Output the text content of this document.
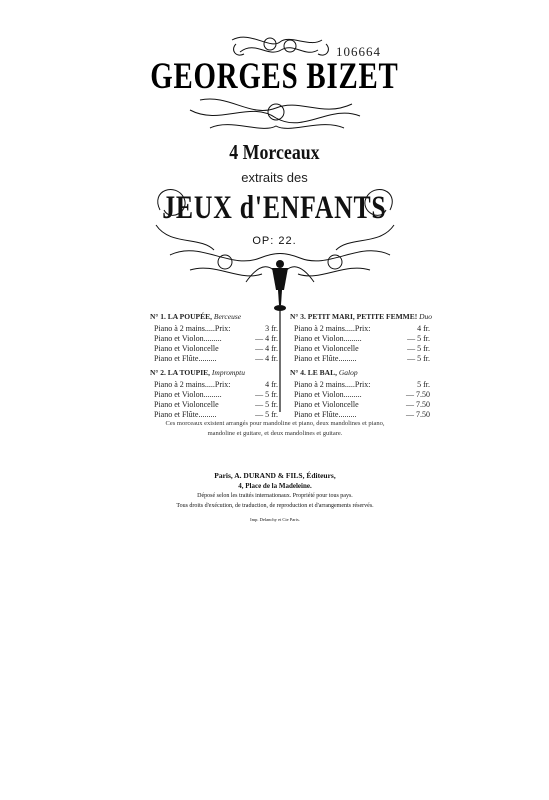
106664
GEORGES BIZET
4 Morceaux
extraits des
JEUX d'ENFANTS
OP: 22.
N° 1. LA POUPÉE, Berceuse
Piano à 2 mains.....Prix:	3 fr.
Piano et Violon.........	— 4 fr.
Piano et Violoncelle	— 4 fr.
Piano et Flûte.........	— 4 fr.
N° 2. LA TOUPIE, Impromptu
Piano à 2 mains.....Prix:	4 fr.
Piano et Violon.........	— 5 fr.
Piano et Violoncelle	— 5 fr.
Piano et Flûte.........	— 5 fr.
N° 3. PETIT MARI, PETITE FEMME! Duo
Piano à 2 mains.....Prix:	4 fr.
Piano et Violon.........	— 5 fr.
Piano et Violoncelle	— 5 fr.
Piano et Flûte.........	— 5 fr.
N° 4. LE BAL, Galop
Piano à 2 mains.....Prix:	5 fr.
Piano et Violon.........	— 7.50
Piano et Violoncelle	— 7.50
Piano et Flûte.........	— 7.50
Ces morceaux existent arrangés pour mandoline et piano, deux mandolines et piano,
mandoline et guitare, et deux mandolines et guitare.
Paris, A. DURAND & FILS, Éditeurs,
4, Place de la Madeleine.
Déposé selon les traités internationaux. Propriété pour tous pays.
Tous droits d'exécution, de traduction, de reproduction et d'arrangements réservés.
Imp. Delanchy et Cie Paris.
